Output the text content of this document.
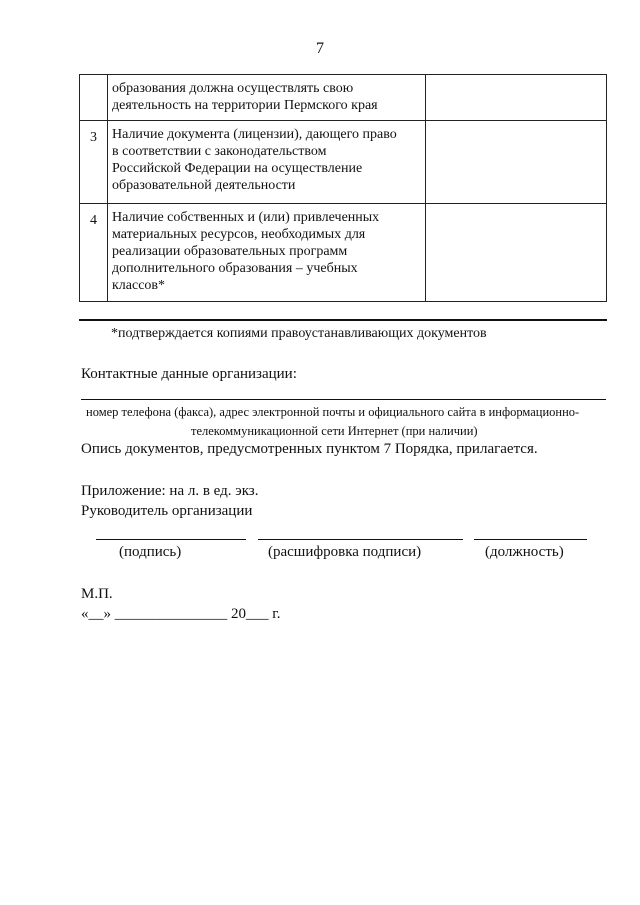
7

	образования должна осуществлять свою
деятельность на территории Пермского края	

3	Наличие документа (лицензии), дающего право
в соответствии с законодательством
Российской Федерации на осуществление
образовательной деятельности	

4	Наличие собственных и (или) привлеченных
материальных ресурсов, необходимых для
реализации образовательных программ
дополнительного образования – учебных
классов*	

*подтверждается копиями правоустанавливающих документов
Контактные данные организации:
номер телефона (факса), адрес электронной почты и официального сайта в информационно-
телекоммуникационной сети Интернет (при наличии)
Опись документов, предусмотренных пунктом 7 Порядка, прилагается.
Приложение: на л. в ед. экз.
Руководитель организации
(подпись)	(расшифровка подписи)	(должность)
М.П.
«__» _______________ 20___ г.
